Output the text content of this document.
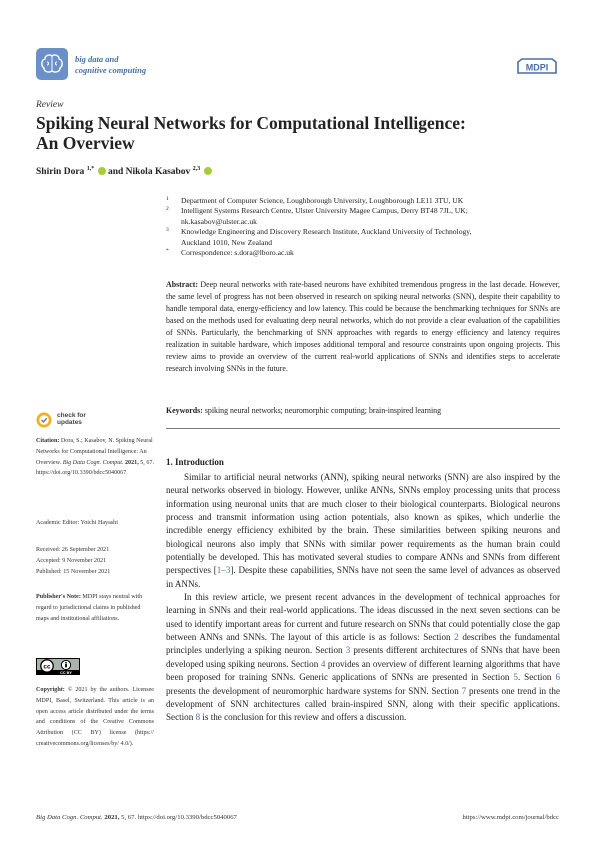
big data and
cognitive computing	MDPI
Review
Spiking Neural Networks for Computational Intelligence:
An Overview
Shirin Dora $^{1,*}$ and Nikola Kasabov $^{2,3}$
1 Department of Computer Science, Loughborough University, Loughborough LE11 3TU, UK
2 Intelligent Systems Research Centre, Ulster University Magee Campus, Derry BT48 7JL, UK;
nk.kasabov@ulster.ac.uk
3 Knowledge Engineering and Discovery Research Institute, Auckland University of Technology,
Auckland 1010, New Zealand
* Correspondence: s.dora@lboro.ac.uk
Abstract: Deep neural networks with rate-based neurons have exhibited tremendous progress in the last decade. However, the same level of progress has not been observed in research on spiking neural networks (SNN), despite their capability to handle temporal data, energy-efficiency and low latency. This could be because the benchmarking techniques for SNNs are based on the methods used for evaluating deep neural networks, which do not provide a clear evaluation of the capabilities of SNNs. Particularly, the benchmarking of SNN approaches with regards to energy efficiency and latency requires realization in suitable hardware, which imposes additional temporal and resource constraints upon ongoing projects. This review aims to provide an overview of the current real-world applications of SNNs and identifies steps to accelerate research involving SNNs in the future.
Keywords: spiking neural networks; neuromorphic computing; brain-inspired learning
check for
updates
Citation: Dora, S.; Kasabov, N. Spiking Neural Networks for Computational Intelligence: An Overview. Big Data Cogn. Comput. 2021, 5, 67. https://doi.org/10.3390/bdcc5040067
Academic Editor: Yoichi Hayashi
Received: 26 September 2021
Accepted: 9 November 2021
Published: 15 November 2021
Publisher's Note: MDPI stays neutral with regard to jurisdictional claims in published maps and institutional affiliations.
cc
CC BY
Copyright: © 2021 by the authors. Licensee MDPI, Basel, Switzerland. This article is an open access article distributed under the terms and conditions of the Creative Commons Attribution (CC BY) license (https:// creativecommons.org/licenses/by/ 4.0/).
1. Introduction

Similar to artificial neural networks (ANN), spiking neural networks (SNN) are also inspired by the neural networks observed in biology. However, unlike ANNs, SNNs employ processing units that process information using neuronal units that are much closer to their biological counterparts. Biological neurons process and transmit information using action potentials, also known as spikes, which underlie the incredible energy efficiency exhibited by the brain. These similarities between spiking neurons and biological neurons also imply that SNNs with similar power requirements as the human brain could potentially be developed. This has motivated several studies to compare ANNs and SNNs from different perspectives [1–3]. Despite these capabilities, SNNs have not seen the same level of advances as observed in ANNs.

In this review article, we present recent advances in the development of technical approaches for learning in SNNs and their real-world applications. The ideas discussed in the next seven sections can be used to identify important areas for current and future research on SNNs that could potentially close the gap between ANNs and SNNs. The layout of this article is as follows: Section 2 describes the fundamental principles underlying a spiking neuron. Section 3 presents different architectures of SNNs that have been developed using spiking neurons. Section 4 provides an overview of different learning algorithms that have been proposed for training SNNs. Generic applications of SNNs are presented in Section 5. Section 6 presents the development of neuromorphic hardware systems for SNN. Section 7 presents one trend in the development of SNN architectures called brain-inspired SNN, along with their specific applications. Section 8 is the conclusion for this review and offers a discussion.

Big Data Cogn. Comput. 2021, 5, 67. https://doi.org/10.3390/bdcc5040067	https://www.mdpi.com/journal/bdcc
